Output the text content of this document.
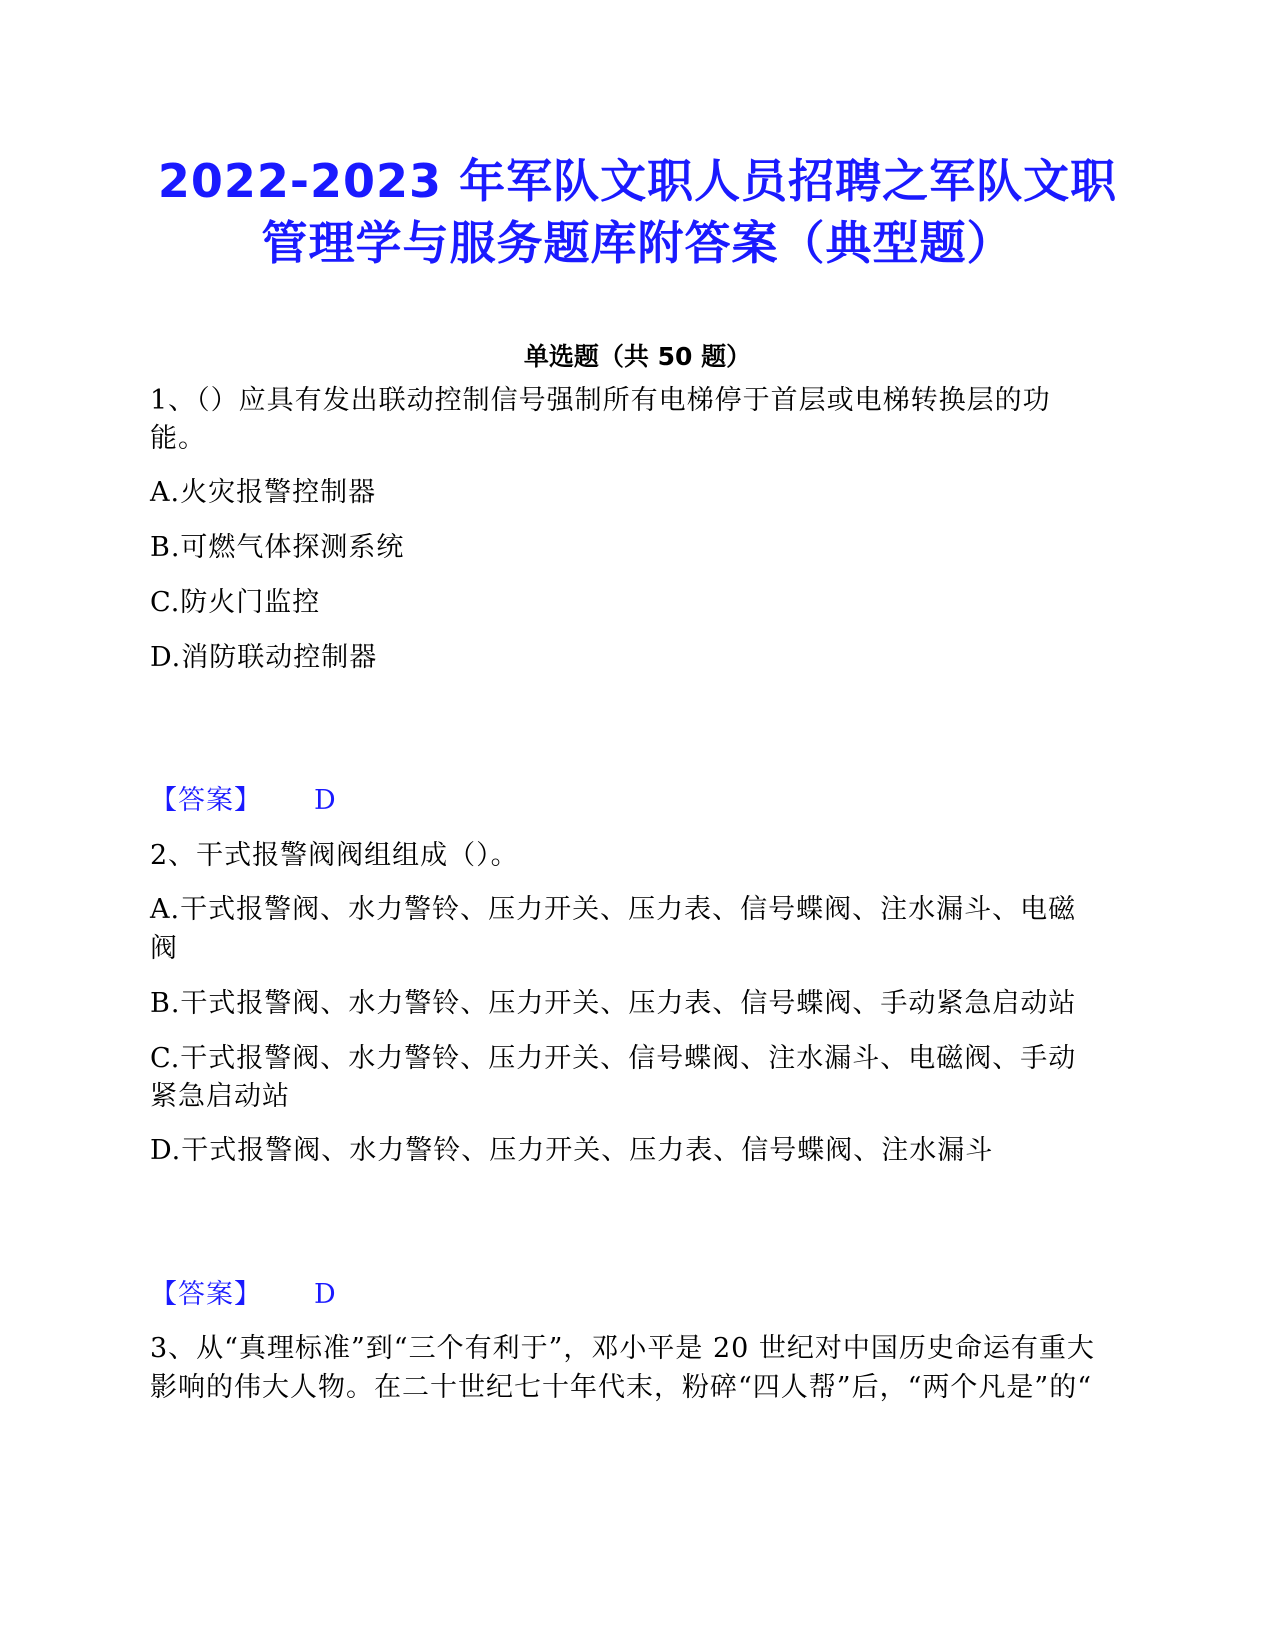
2022-2023 年军队文职人员招聘之军队文职
管理学与服务题库附答案（典型题）
单选题（共 50 题）
1、（）应具有发出联动控制信号强制所有电梯停于首层或电梯转换层的功
能。
A.火灾报警控制器
B.可燃气体探测系统
C.防火门监控
D.消防联动控制器
【答案】 D
2、干式报警阀阀组组成（）。
A.干式报警阀、水力警铃、压力开关、压力表、信号蝶阀、注水漏斗、电磁
阀
B.干式报警阀、水力警铃、压力开关、压力表、信号蝶阀、手动紧急启动站
C.干式报警阀、水力警铃、压力开关、信号蝶阀、注水漏斗、电磁阀、手动
紧急启动站
D.干式报警阀、水力警铃、压力开关、压力表、信号蝶阀、注水漏斗
【答案】 D
3、从“真理标准”到“三个有利于”，邓小平是 20 世纪对中国历史命运有重大
影响的伟大人物。在二十世纪七十年代末，粉碎“四人帮”后，“两个凡是”的“
